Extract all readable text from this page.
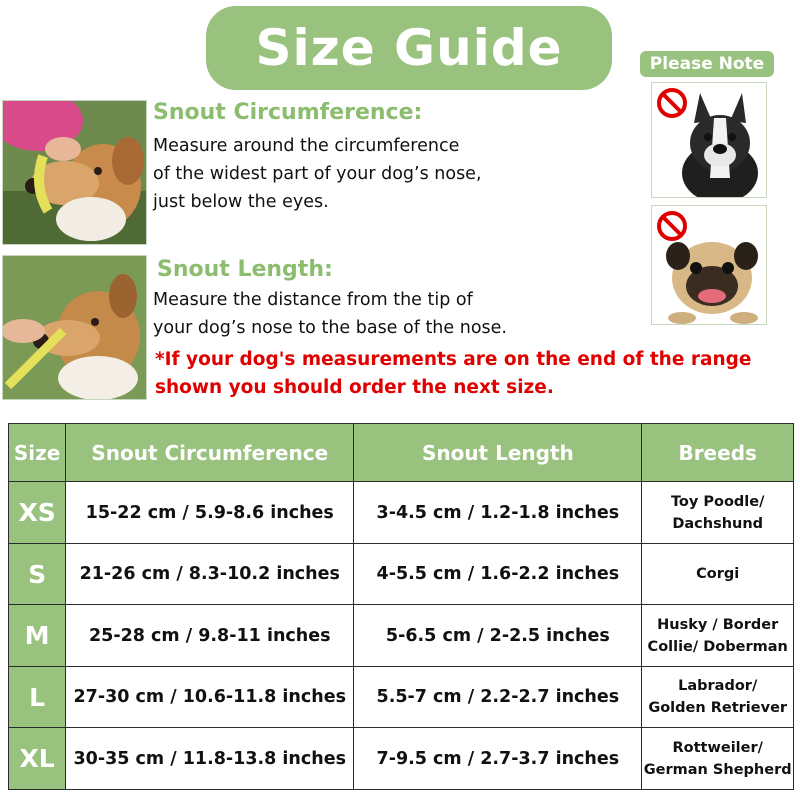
Size Guide	Please Note
Snout Circumference:
Measure around the circumference
of the widest part of your dog’s nose,
just below the eyes.
Snout Length:
Measure the distance from the tip of
your dog’s nose to the base of the nose.
*If your dog's measurements are on the end of the range
shown you should order the next size.
Size	Snout Circumference	Snout Length	Breeds
XS	15-22 cm / 5.9-8.6 inches	3-4.5 cm / 1.2-1.8 inches	Toy Poodle/
Dachshund

S	21-26 cm / 8.3-10.2 inches	4-5.5 cm / 1.6-2.2 inches	Corgi

M	25-28 cm / 9.8-11 inches	5-6.5 cm / 2-2.5 inches	Husky / Border
Collie/ Doberman

L	27-30 cm / 10.6-11.8 inches	5.5-7 cm / 2.2-2.7 inches	Labrador/
Golden Retriever

XL	30-35 cm / 11.8-13.8 inches	7-9.5 cm / 2.7-3.7 inches	Rottweiler/
German Shepherd
